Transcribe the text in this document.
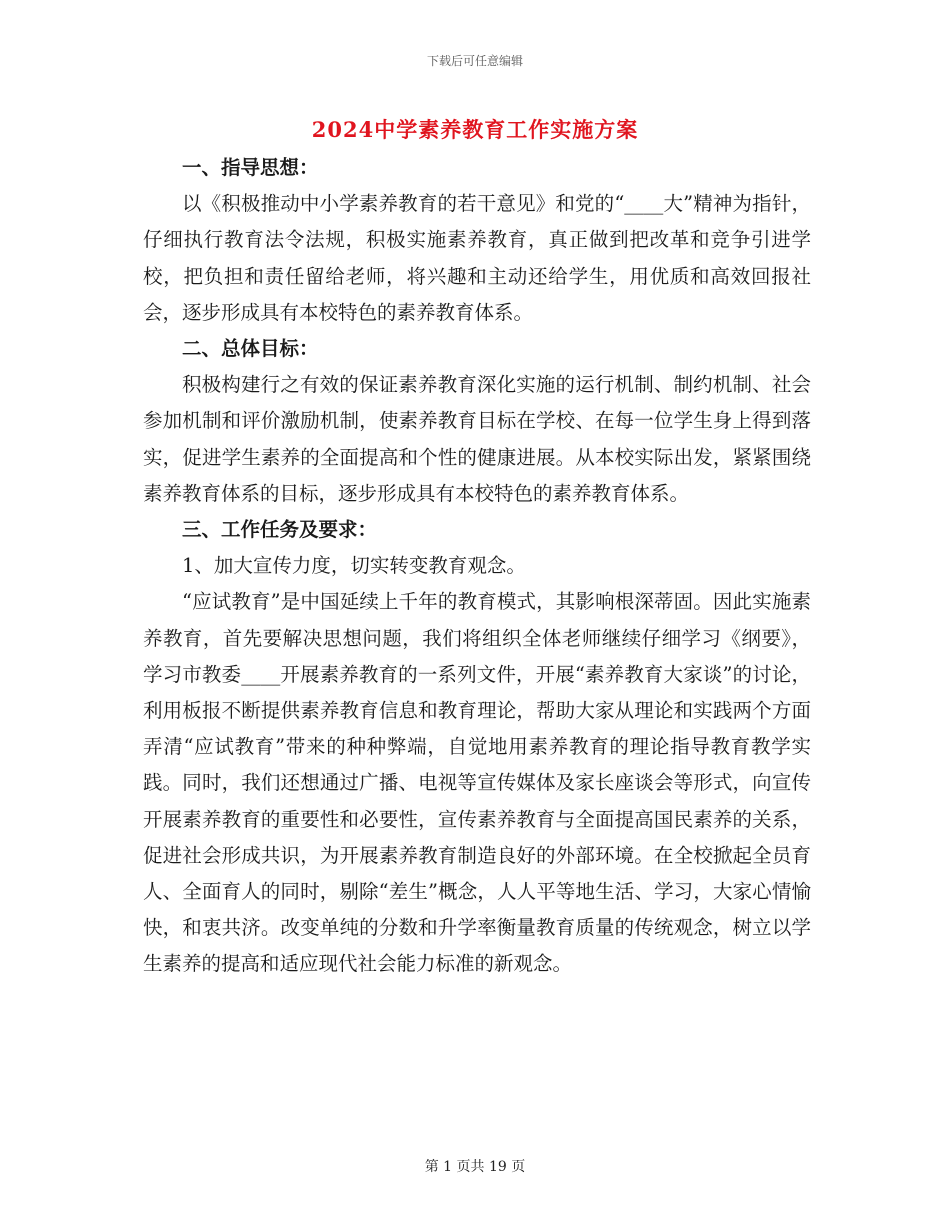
下载后可任意编辑
2024中学素养教育工作实施方案

一、指导思想：

以《积极推动中小学素养教育的若干意见》和党的“____大”精神为指针，仔细执行教育法令法规，积极实施素养教育，真正做到把改革和竞争引进学校，把负担和责任留给老师，将兴趣和主动还给学生，用优质和高效回报社会，逐步形成具有本校特色的素养教育体系。

二、总体目标：

积极构建行之有效的保证素养教育深化实施的运行机制、制约机制、社会参加机制和评价激励机制，使素养教育目标在学校、在每一位学生身上得到落实，促进学生素养的全面提高和个性的健康进展。从本校实际出发，紧紧围绕素养教育体系的目标，逐步形成具有本校特色的素养教育体系。

三、工作任务及要求：

1、加大宣传力度，切实转变教育观念。

“应试教育”是中国延续上千年的教育模式，其影响根深蒂固。因此实施素养教育，首先要解决思想问题，我们将组织全体老师继续仔细学习《纲要》，学习市教委____开展素养教育的一系列文件，开展“素养教育大家谈”的讨论，利用板报不断提供素养教育信息和教育理论，帮助大家从理论和实践两个方面弄清“应试教育”带来的种种弊端，自觉地用素养教育的理论指导教育教学实践。同时，我们还想通过广播、电视等宣传媒体及家长座谈会等形式，向宣传开展素养教育的重要性和必要性，宣传素养教育与全面提高国民素养的关系，促进社会形成共识，为开展素养教育制造良好的外部环境。在全校掀起全员育人、全面育人的同时，剔除“差生”概念，人人平等地生活、学习，大家心情愉快，和衷共济。改变单纯的分数和升学率衡量教育质量的传统观念，树立以学生素养的提高和适应现代社会能力标准的新观念。

第 1 页共 19 页
